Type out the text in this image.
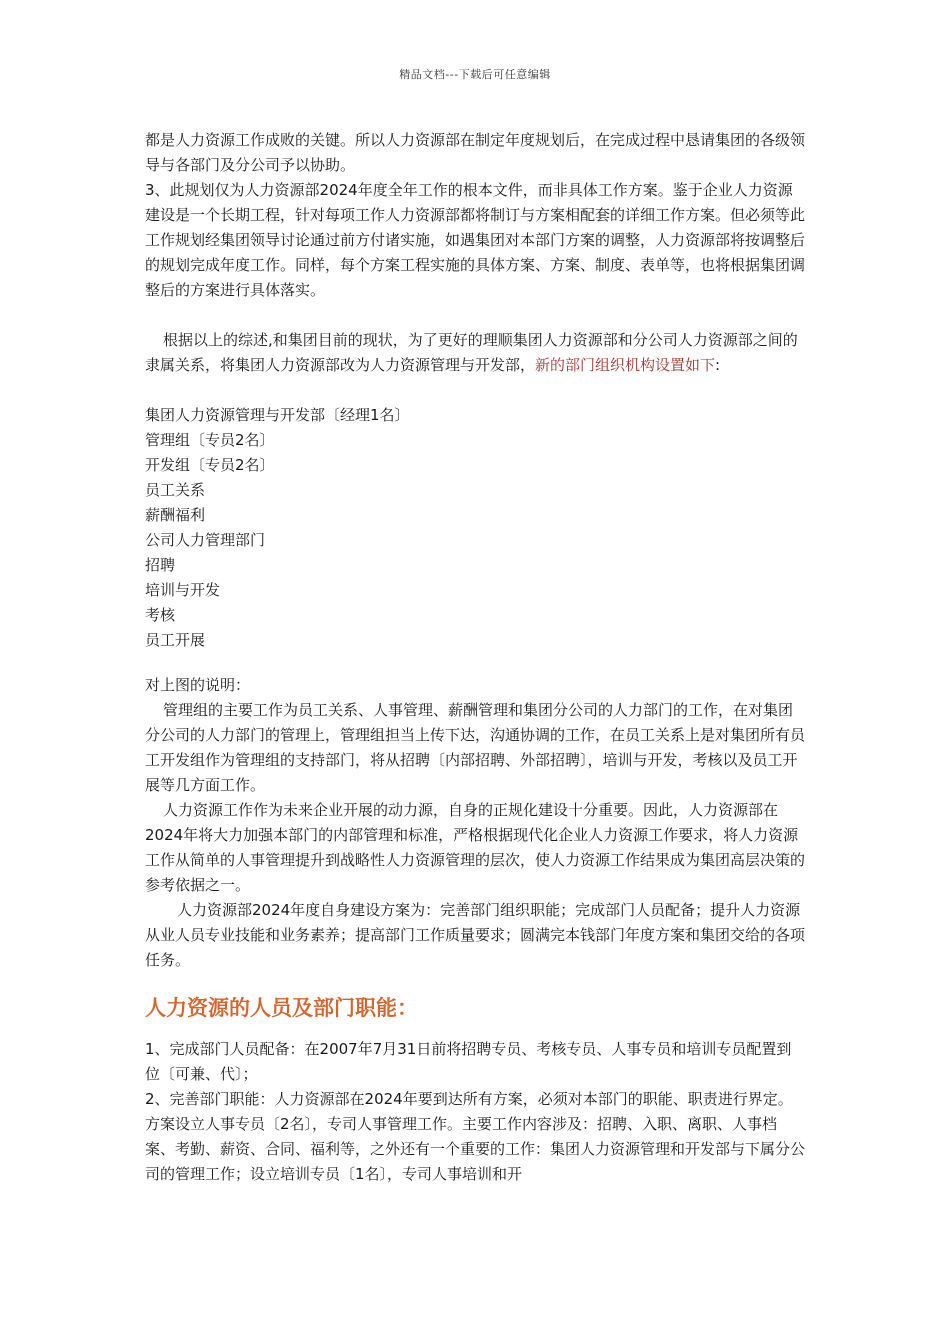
精品文档---下载后可任意编辑

都是人力资源工作成败的关键。所以人力资源部在制定年度规划后，在完成过程中恳请集团的各级领导与各部门及分公司予以协助。

3、此规划仅为人力资源部2024年度全年工作的根本文件，而非具体工作方案。鉴于企业人力资源建设是一个长期工程，针对每项工作人力资源部都将制订与方案相配套的详细工作方案。但必须等此工作规划经集团领导讨论通过前方付诸实施，如遇集团对本部门方案的调整，人力资源部将按调整后的规划完成年度工作。同样，每个方案工程实施的具体方案、方案、制度、表单等，也将根据集团调整后的方案进行具体落实。

根据以上的综述,和集团目前的现状，为了更好的理顺集团人力资源部和分公司人力资源部之间的隶属关系，将集团人力资源部改为人力资源管理与开发部，新的部门组织机构设置如下:

集团人力资源管理与开发部〔经理1名〕

管理组〔专员2名〕

开发组〔专员2名〕

员工关系

薪酬福利

公司人力管理部门

招聘

培训与开发

考核

员工开展

对上图的说明：

管理组的主要工作为员工关系、人事管理、薪酬管理和集团分公司的人力部门的工作，在对集团分公司的人力部门的管理上，管理组担当上传下达，沟通协调的工作，在员工关系上是对集团所有员工开发组作为管理组的支持部门，将从招聘〔内部招聘、外部招聘〕，培训与开发，考核以及员工开展等几方面工作。

人力资源工作作为未来企业开展的动力源，自身的正规化建设十分重要。因此，人力资源部在2024年将大力加强本部门的内部管理和标准，严格根据现代化企业人力资源工作要求，将人力资源工作从简单的人事管理提升到战略性人力资源管理的层次，使人力资源工作结果成为集团高层决策的参考依据之一。

人力资源部2024年度自身建设方案为：完善部门组织职能；完成部门人员配备；提升人力资源从业人员专业技能和业务素养；提高部门工作质量要求；圆满完本钱部门年度方案和集团交给的各项任务。

人力资源的人员及部门职能：

1、完成部门人员配备：在2007年7月31日前将招聘专员、考核专员、人事专员和培训专员配置到位〔可兼、代〕；

2、完善部门职能：人力资源部在2024年要到达所有方案，必须对本部门的职能、职责进行界定。方案设立人事专员〔2名〕，专司人事管理工作。主要工作内容涉及：招聘、入职、离职、人事档案、考勤、薪资、合同、福利等，之外还有一个重要的工作：集团人力资源管理和开发部与下属分公司的管理工作；设立培训专员〔1名〕，专司人事培训和开
